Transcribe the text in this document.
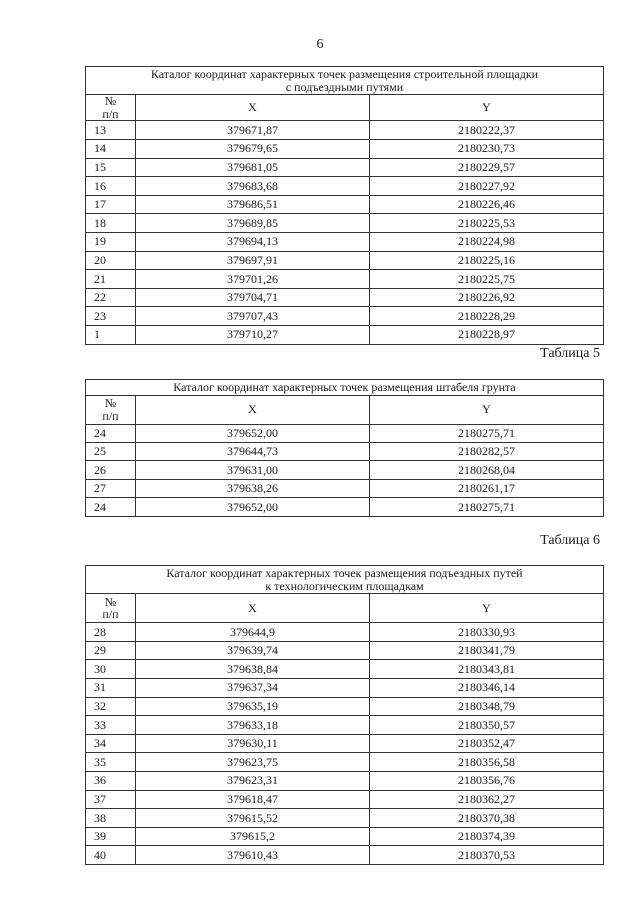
6
Каталог координат характерных точек размещения строительной площадки
с подъездными путями		
№
п/п	X	Y
13	379671,87	2180222,37
14	379679,65	2180230,73
15	379681,05	2180229,57
16	379683,68	2180227,92
17	379686,51	2180226,46
18	379689,85	2180225,53
19	379694,13	2180224,98
20	379697,91	2180225,16
21	379701,26	2180225,75
22	379704,71	2180226,92
23	379707,43	2180228,29
1	379710,27	2180228,97
Таблица 5
Каталог координат характерных точек размещения штабеля грунта		
№
п/п	X	Y
24	379652,00	2180275,71
25	379644,73	2180282,57
26	379631,00	2180268,04
27	379638,26	2180261,17
24	379652,00	2180275,71
Таблица 6
Каталог координат характерных точек размещения подъездных путей
к технологическим площадкам		
№
п/п	X	Y
28	379644,9	2180330,93
29	379639,74	2180341,79
30	379638,84	2180343,81
31	379637,34	2180346,14
32	379635,19	2180348,79
33	379633,18	2180350,57
34	379630,11	2180352,47
35	379623,75	2180356,58
36	379623,31	2180356,76
37	379618,47	2180362,27
38	379615,52	2180370,38
39	379615,2	2180374,39
40	379610,43	2180370,53
